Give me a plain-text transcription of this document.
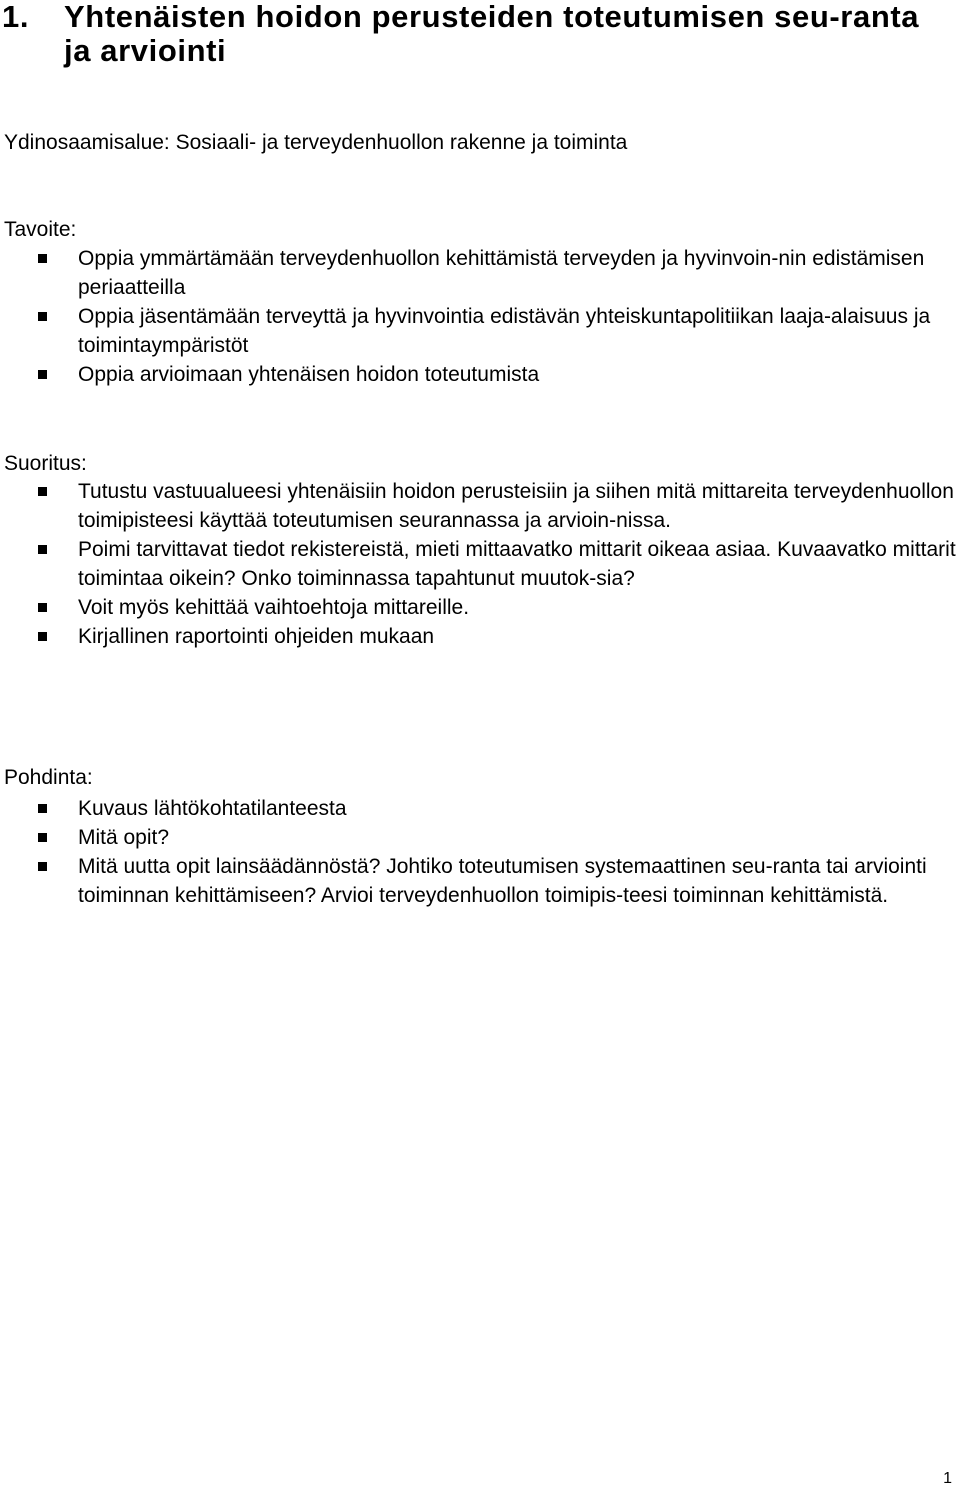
1. Yhtenäisten hoidon perusteiden toteutumisen seu-ranta ja arviointi

Ydinosaamisalue: Sosiaali- ja terveydenhuollon rakenne ja toiminta

Tavoite:

Oppia ymmärtämään terveydenhuollon kehittämistä terveyden ja hyvinvoin-nin edistämisen periaatteilla
Oppia jäsentämään terveyttä ja hyvinvointia edistävän yhteiskuntapolitiikan laaja-alaisuus ja toimintaympäristöt
Oppia arvioimaan yhtenäisen hoidon toteutumista

Suoritus:

Tutustu vastuualueesi yhtenäisiin hoidon perusteisiin ja siihen mitä mittareita terveydenhuollon toimipisteesi käyttää toteutumisen seurannassa ja arvioin-nissa.
Poimi tarvittavat tiedot rekistereistä, mieti mittaavatko mittarit oikeaa asiaa. Kuvaavatko mittarit toimintaa oikein? Onko toiminnassa tapahtunut muutok-sia?
Voit myös kehittää vaihtoehtoja mittareille.
Kirjallinen raportointi ohjeiden mukaan

Pohdinta:

Kuvaus lähtökohtatilanteesta
Mitä opit?
Mitä uutta opit lainsäädännöstä? Johtiko toteutumisen systemaattinen seu-ranta tai arviointi toiminnan kehittämiseen? Arvioi terveydenhuollon toimipis-teesi toiminnan kehittämistä.
1
